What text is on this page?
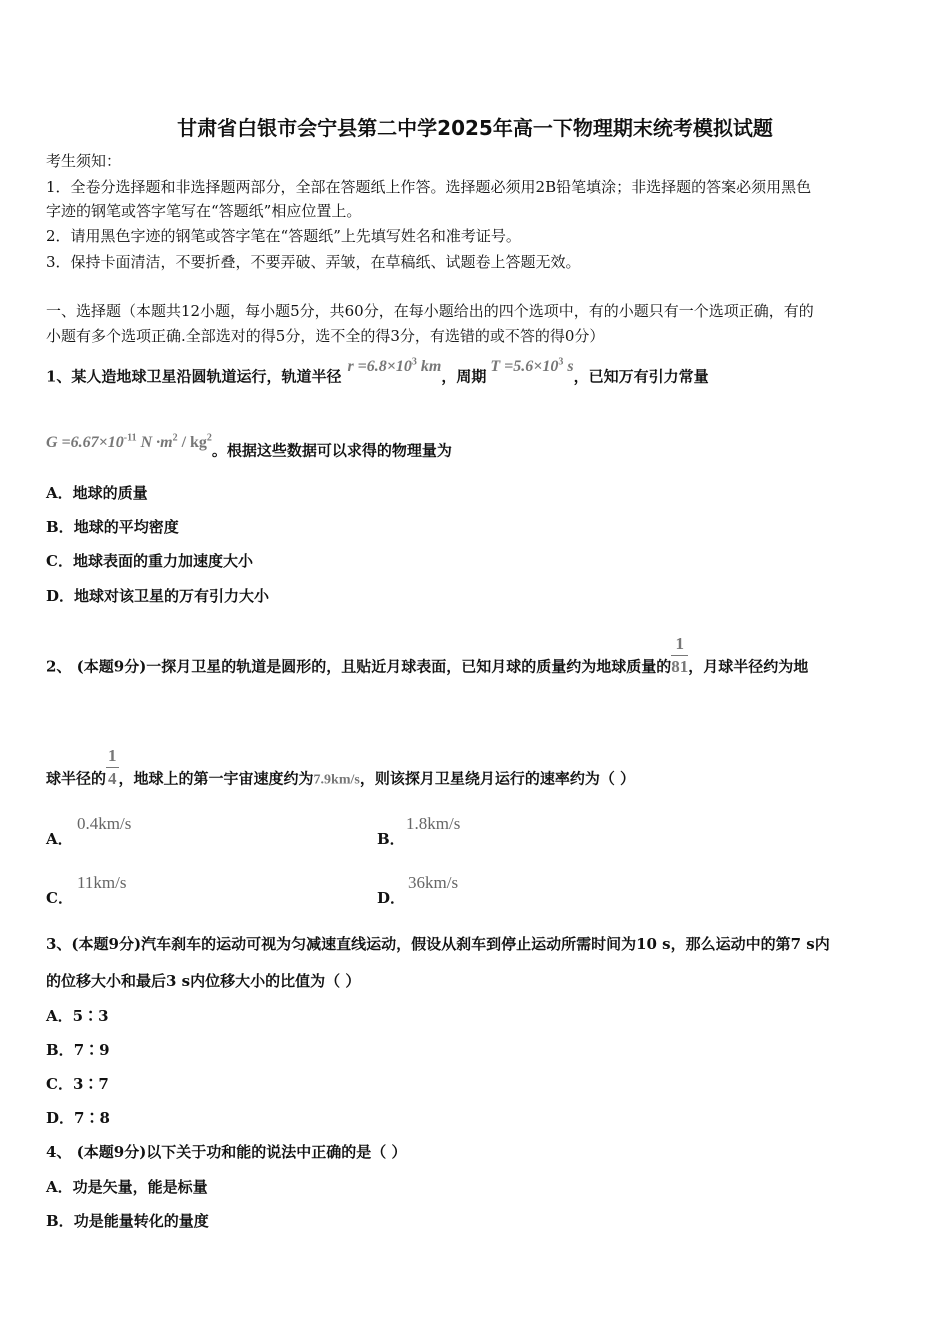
甘肃省白银市会宁县第二中学2025年高一下物理期末统考模拟试题
考生须知：
1．全卷分选择题和非选择题两部分，全部在答题纸上作答。选择题必须用2B铅笔填涂；非选择题的答案必须用黑色
字迹的钢笔或答字笔写在“答题纸”相应位置上。
2．请用黑色字迹的钢笔或答字笔在“答题纸”上先填写姓名和准考证号。
3．保持卡面清洁，不要折叠，不要弄破、弄皱，在草稿纸、试题卷上答题无效。
一、选择题（本题共12小题，每小题5分，共60分，在每小题给出的四个选项中，有的小题只有一个选项正确，有的
小题有多个选项正确.全部选对的得5分，选不全的得3分，有选错的或不答的得0分）
1、某人造地球卫星沿圆轨道运行，轨道半径$r =6.8\times 10^3$ km，周期$T =5.6\times 10^3$ s，已知万有引力常量
$G =6.67\times 10^{-11}$ $N \cdot m^2 / kg^2$。根据这些数据可以求得的物理量为
A．地球的质量
B．地球的平均密度
C．地球表面的重力加速度大小
D．地球对该卫星的万有引力大小
2、 (本题9分)一探月卫星的轨道是圆形的，且贴近月球表面，已知月球的质量约为地球质量的 $\frac{1}{81}$，月球半径约为地
球半径的 $\frac{1}{4}$，地球上的第一宇宙速度约为7.9km/s，则该探月卫星绕月运行的速率约为（ ）
A．
0.4km/s
B．
1.8km/s
C．
11km/s
D．
36km/s
3、(本题9分)汽车刹车的运动可视为匀减速直线运动，假设从刹车到停止运动所需时间为10 s，那么运动中的第7 s内
的位移大小和最后3 s内位移大小的比值为（ ）
A．5∶3
B．7∶9
C．3∶7
D．7∶8
4、 (本题9分)以下关于功和能的说法中正确的是（ ）
A．功是矢量，能是标量
B．功是能量转化的量度
